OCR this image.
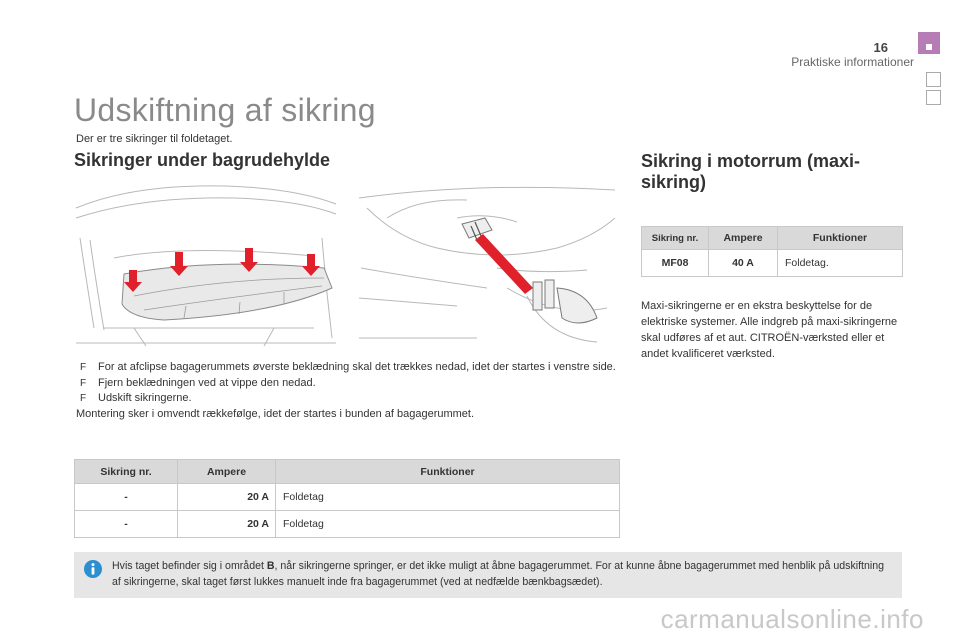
16
Praktiske informationer
Udskiftning af sikring

Der er tre sikringer til foldetaget.

Sikringer under bagrudehylde	Sikring i motorrum (maxi-sikring)
F For at afclipse bagagerummets øverste beklædning skal det trækkes nedad, idet der startes i venstre side.
F Fjern beklædningen ved at vippe den nedad.
F Udskift sikringerne.
Montering sker i omvendt rækkefølge, idet der startes i bunden af bagagerummet.
Sikring nr.	Ampere	Funktioner
-	20 A	Foldetag
-	20 A	Foldetag
Sikring nr.	Ampere	Funktioner
MF08	40 A	Foldetag.

Maxi-sikringerne er en ekstra beskyttelse for de elektriske systemer. Alle indgreb på maxi-sikringerne skal udføres af et aut. CITROËN-værksted eller et andet kvalificeret værksted.

Hvis taget befinder sig i området B, når sikringerne springer, er det ikke muligt at åbne bagagerummet. For at kunne åbne bagagerummet med henblik på udskiftning af sikringerne, skal taget først lukkes manuelt inde fra bagagerummet (ved at nedfælde bænkbagsædet).
carmanualsonline.info
